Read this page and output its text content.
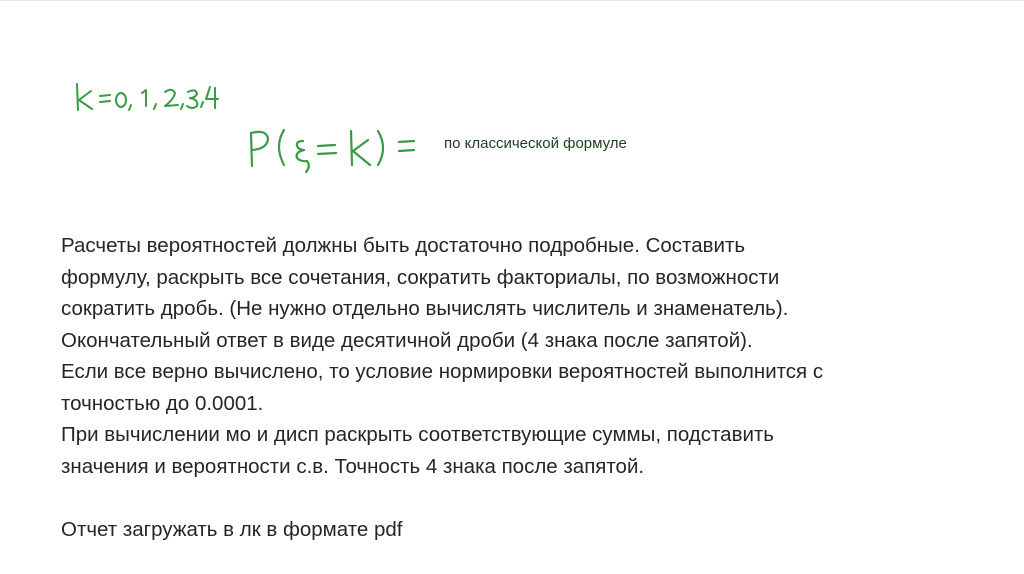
по классической формуле
Расчеты вероятностей должны быть достаточно подробные. Составить
формулу, раскрыть все сочетания, сократить факториалы, по возможности
сократить дробь. (Не нужно отдельно вычислять числитель и знаменатель).
Окончательный ответ в виде десятичной дроби (4 знака после запятой).
Если все верно вычислено, то условие нормировки вероятностей выполнится с
точностью до 0.0001.
При вычислении мо и дисп раскрыть соответствующие суммы, подставить
значения и вероятности с.в. Точность 4 знака после запятой.
Отчет загружать в лк в формате pdf
